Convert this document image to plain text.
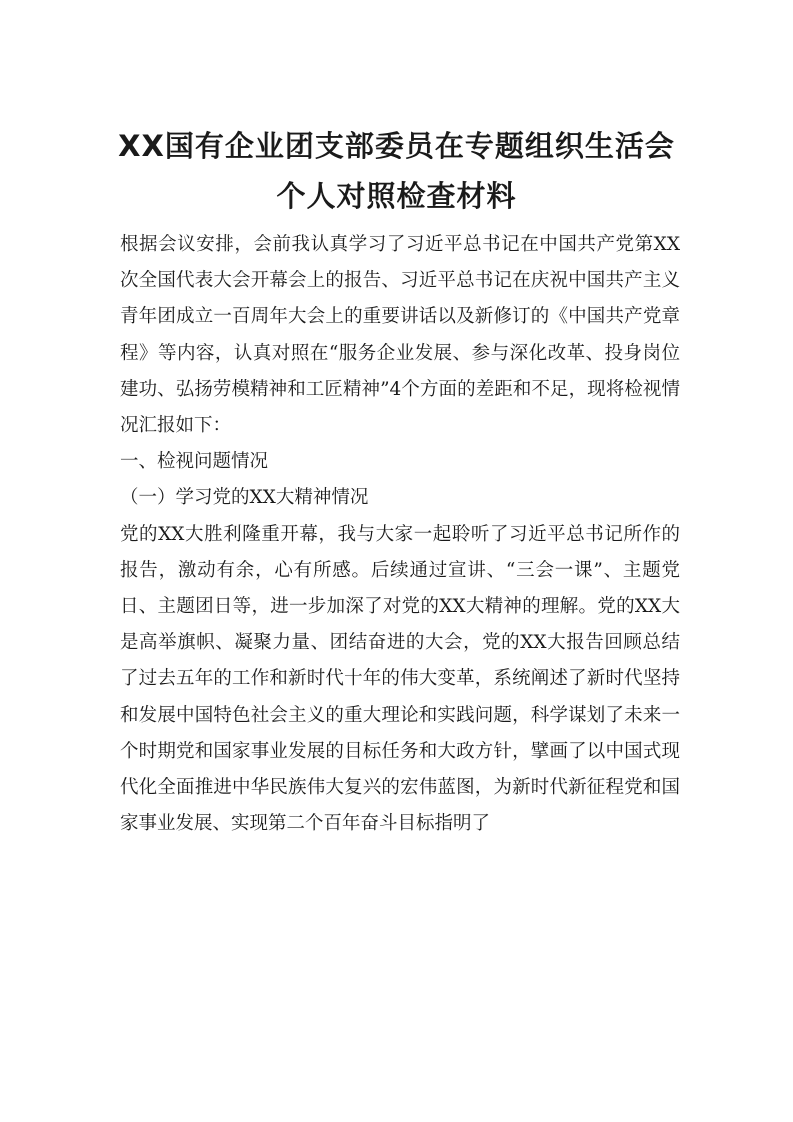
XX国有企业团支部委员在专题组织生活会
个人对照检查材料

根据会议安排，会前我认真学习了习近平总书记在中国共产党第XX次全国代表大会开幕会上的报告、习近平总书记在庆祝中国共产主义青年团成立一百周年大会上的重要讲话以及新修订的《中国共产党章程》等内容，认真对照在“服务企业发展、参与深化改革、投身岗位建功、弘扬劳模精神和工匠精神”4个方面的差距和不足，现将检视情况汇报如下：

一、检视问题情况

（一）学习党的XX大精神情况

党的XX大胜利隆重开幕，我与大家一起聆听了习近平总书记所作的报告，激动有余，心有所感。后续通过宣讲、“三会一课”、主题党日、主题团日等，进一步加深了对党的XX大精神的理解。党的XX大是高举旗帜、凝聚力量、团结奋进的大会，党的XX大报告回顾总结了过去五年的工作和新时代十年的伟大变革，系统阐述了新时代坚持和发展中国特色社会主义的重大理论和实践问题，科学谋划了未来一个时期党和国家事业发展的目标任务和大政方针，擘画了以中国式现代化全面推进中华民族伟大复兴的宏伟蓝图，为新时代新征程党和国家事业发展、实现第二个百年奋斗目标指明了
